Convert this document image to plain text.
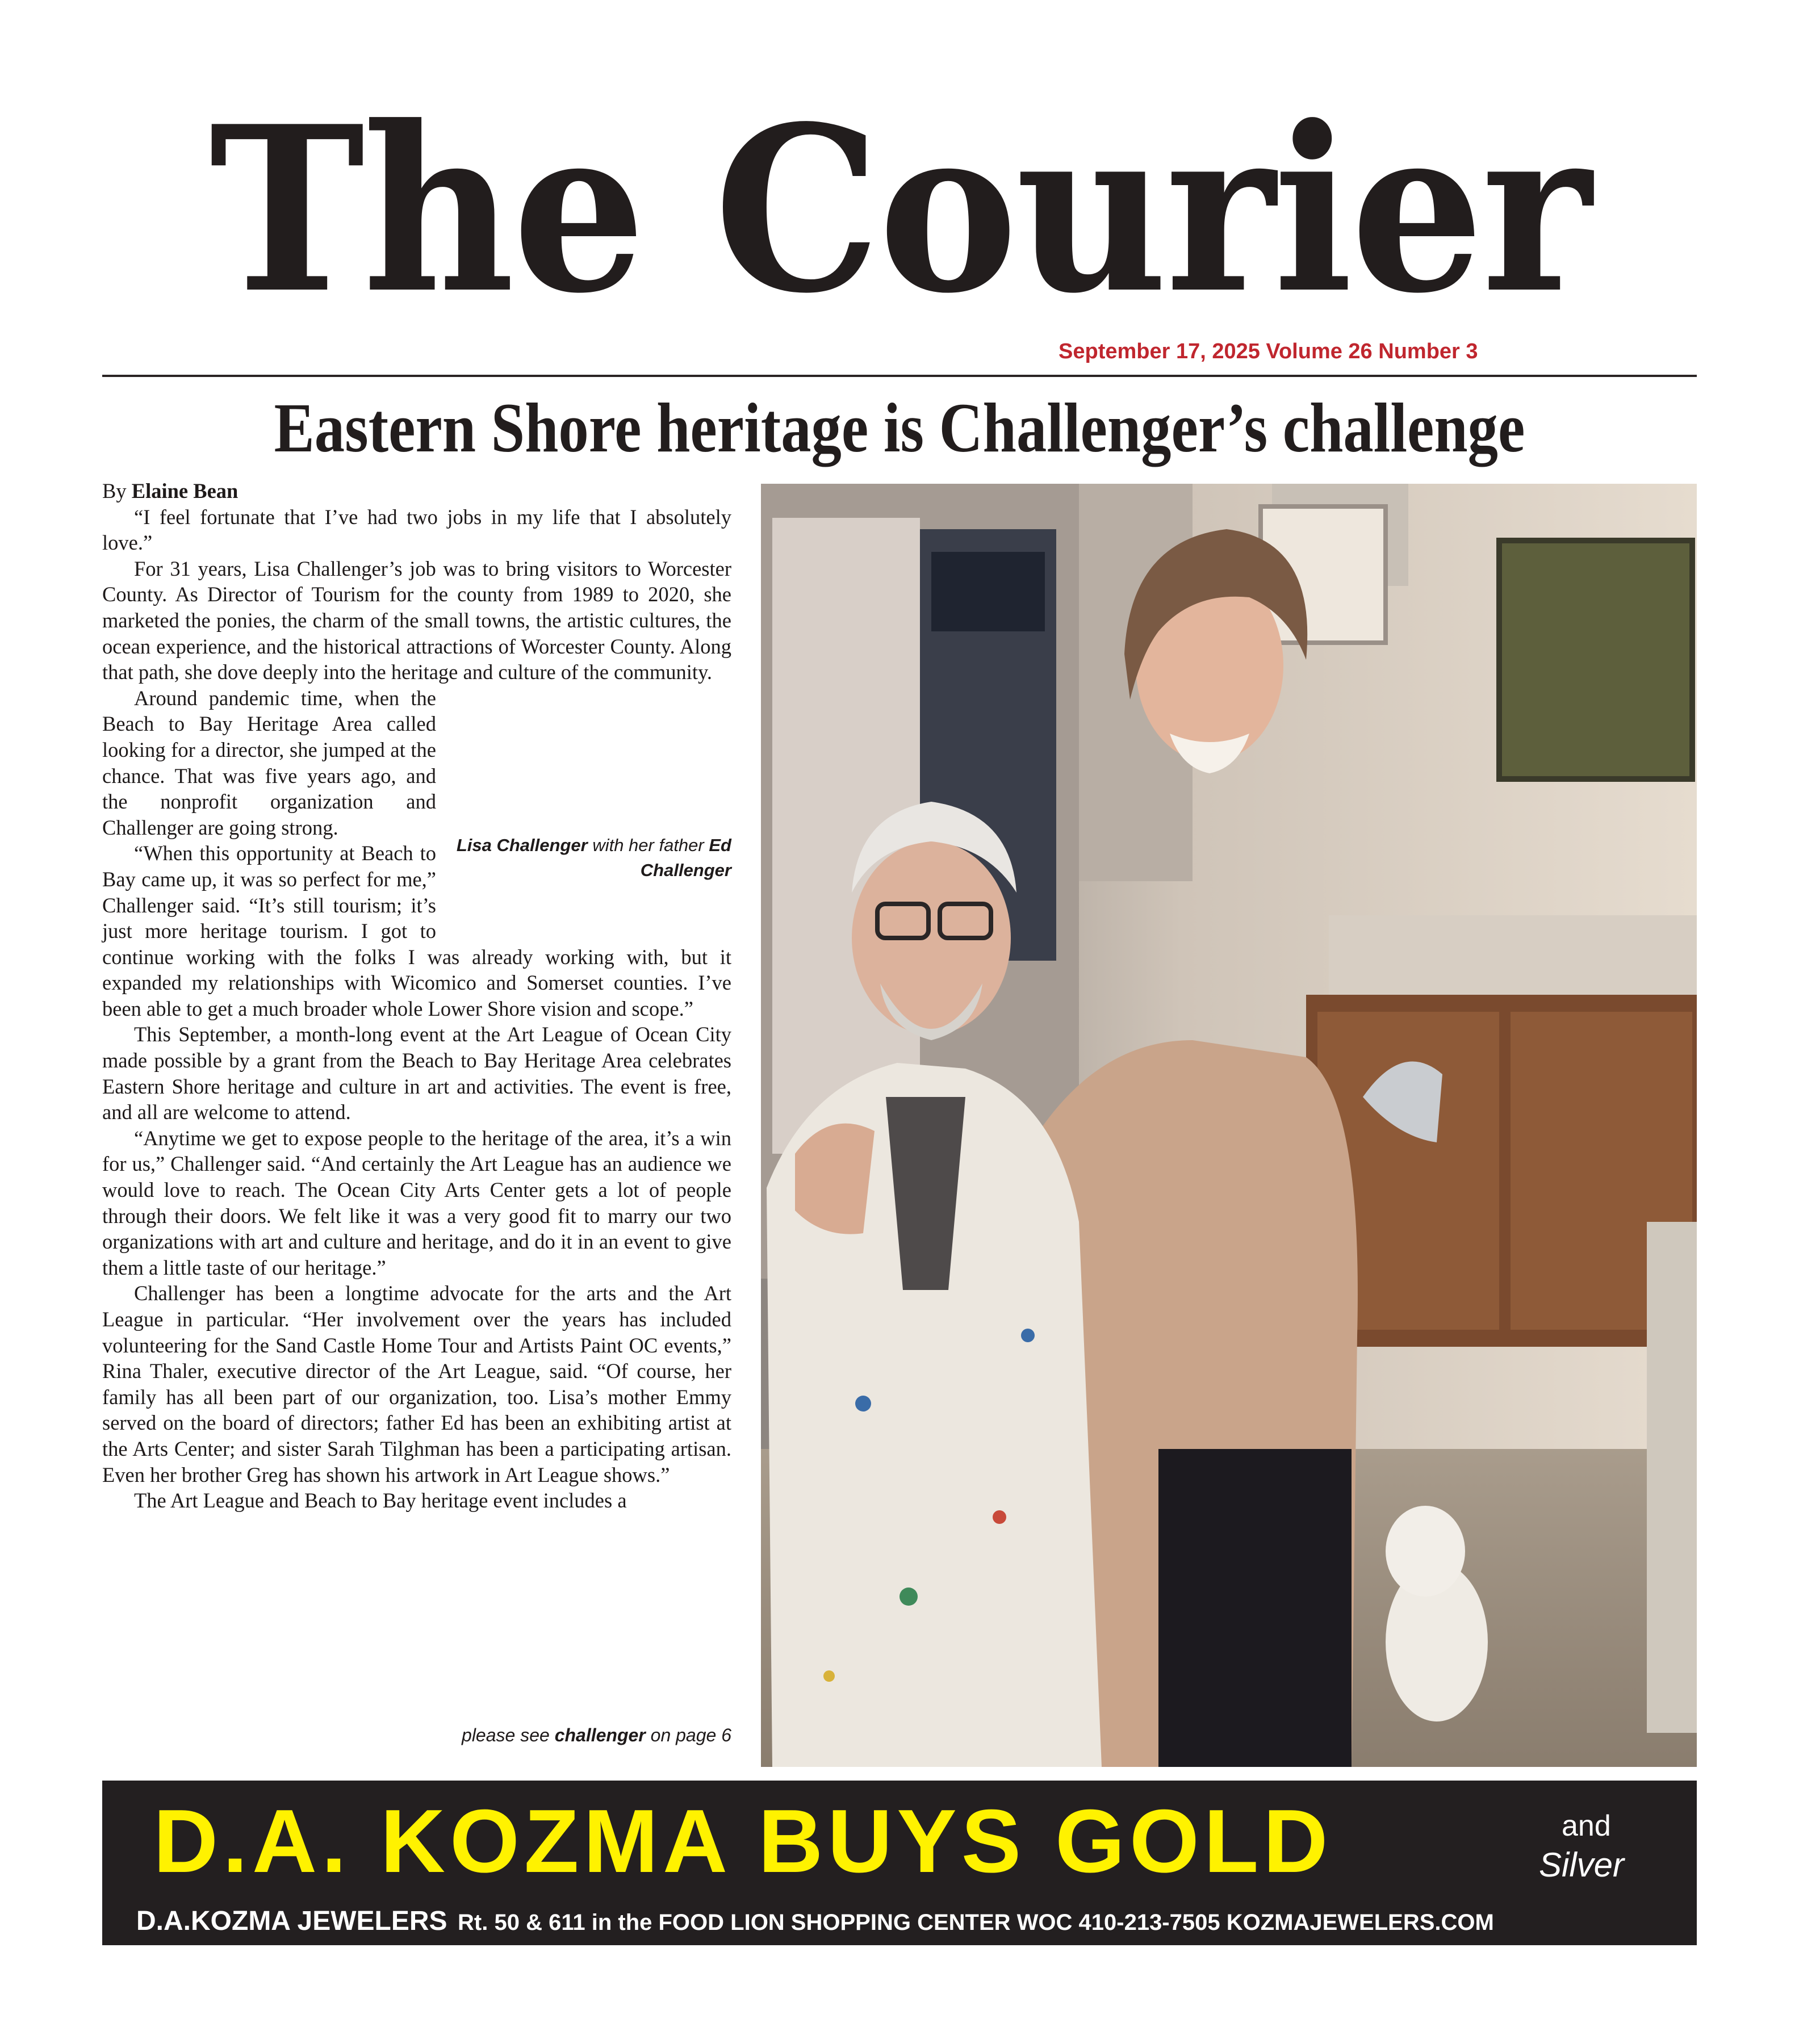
The Courier
September 17, 2025 Volume 26 Number 3
Eastern Shore heritage is Challenger’s challenge

By Elaine Bean

“I feel fortunate that I’ve had two jobs in my life that I absolutely love.”

For 31 years, Lisa Challenger’s job was to bring visitors to Worcester County. As Director of Tourism for the county from 1989 to 2020, she marketed the ponies, the charm of the small towns, the artistic cultures, the ocean experience, and the historical attractions of Worcester County. Along that path, she dove deeply into the heritage and culture of the community.

Lisa Challenger with her father Ed Challenger

Around pandemic time, when the Beach to Bay Heritage Area called looking for a director, she jumped at the chance. That was five years ago, and the nonprofit organization and Challenger are going strong.

“When this opportunity at Beach to Bay came up, it was so perfect for me,” Challenger said. “It’s still tourism; it’s just more heritage tourism. I got to continue working with the folks I was already working with, but it expanded my relationships with Wicomico and Somerset counties. I’ve been able to get a much broader whole Lower Shore vision and scope.”

This September, a month-long event at the Art League of Ocean City made possible by a grant from the Beach to Bay Heritage Area celebrates Eastern Shore heritage and culture in art and activities. The event is free, and all are welcome to attend.

“Anytime we get to expose people to the heritage of the area, it’s a win for us,” Challenger said. “And certainly the Art League has an audience we would love to reach. The Ocean City Arts Center gets a lot of people through their doors. We felt like it was a very good fit to marry our two organizations with art and culture and heritage, and do it in an event to give them a little taste of our heritage.”

Challenger has been a longtime advocate for the arts and the Art League in particular. “Her involvement over the years has included volunteering for the Sand Castle Home Tour and Artists Paint OC events,” Rina Thaler, executive director of the Art League, said. “Of course, her family has all been part of our organization, too. Lisa’s mother Emmy served on the board of directors; father Ed has been an exhibiting artist at the Arts Center; and sister Sarah Tilghman has been a participating artisan. Even her brother Greg has shown his artwork in Art League shows.”

The Art League and Beach to Bay heritage event includes a

please see challenger on page 6
D.A. KOZMA BUYS GOLD	and
Silver
D.A.KOZMA JEWELERS Rt. 50 & 611 in the FOOD LION SHOPPING CENTER WOC 410-213-7505 KOZMAJEWELERS.COM
